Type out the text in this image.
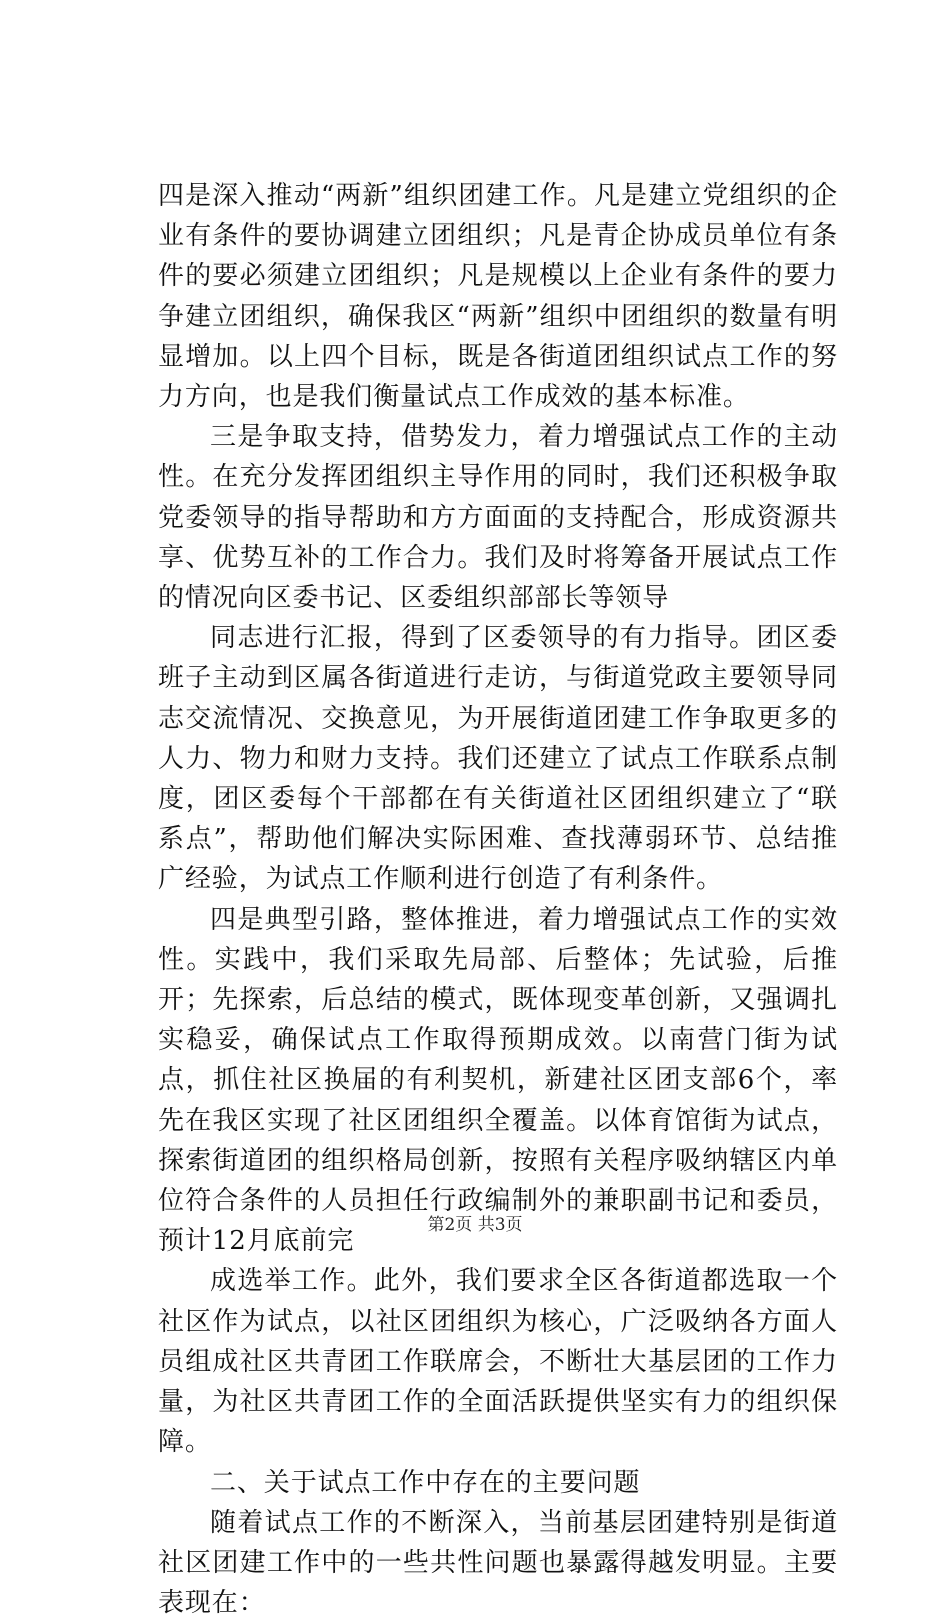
四是深入推动“两新”组织团建工作。凡是建立党组织的企业有条件的要协调建立团组织；凡是青企协成员单位有条件的要必须建立团组织；凡是规模以上企业有条件的要力争建立团组织，确保我区“两新”组织中团组织的数量有明显增加。以上四个目标，既是各街道团组织试点工作的努力方向，也是我们衡量试点工作成效的基本标准。

三是争取支持，借势发力，着力增强试点工作的主动性。在充分发挥团组织主导作用的同时，我们还积极争取党委领导的指导帮助和方方面面的支持配合，形成资源共享、优势互补的工作合力。我们及时将筹备开展试点工作的情况向区委书记、区委组织部部长等领导

同志进行汇报，得到了区委领导的有力指导。团区委班子主动到区属各街道进行走访，与街道党政主要领导同志交流情况、交换意见，为开展街道团建工作争取更多的人力、物力和财力支持。我们还建立了试点工作联系点制度，团区委每个干部都在有关街道社区团组织建立了“联系点”，帮助他们解决实际困难、查找薄弱环节、总结推广经验，为试点工作顺利进行创造了有利条件。

四是典型引路，整体推进，着力增强试点工作的实效性。实践中，我们采取先局部、后整体；先试验，后推开；先探索，后总结的模式，既体现变革创新，又强调扎实稳妥，确保试点工作取得预期成效。以南营门街为试点，抓住社区换届的有利契机，新建社区团支部6个，率先在我区实现了社区团组织全覆盖。以体育馆街为试点，探索街道团的组织格局创新，按照有关程序吸纳辖区内单位符合条件的人员担任行政编制外的兼职副书记和委员，预计12月底前完

成选举工作。此外，我们要求全区各街道都选取一个社区作为试点，以社区团组织为核心，广泛吸纳各方面人员组成社区共青团工作联席会，不断壮大基层团的工作力量，为社区共青团工作的全面活跃提供坚实有力的组织保障。

二、关于试点工作中存在的主要问题

随着试点工作的不断深入，当前基层团建特别是街道社区团建工作中的一些共性问题也暴露得越发明显。主要表现在：

第2页 共3页
